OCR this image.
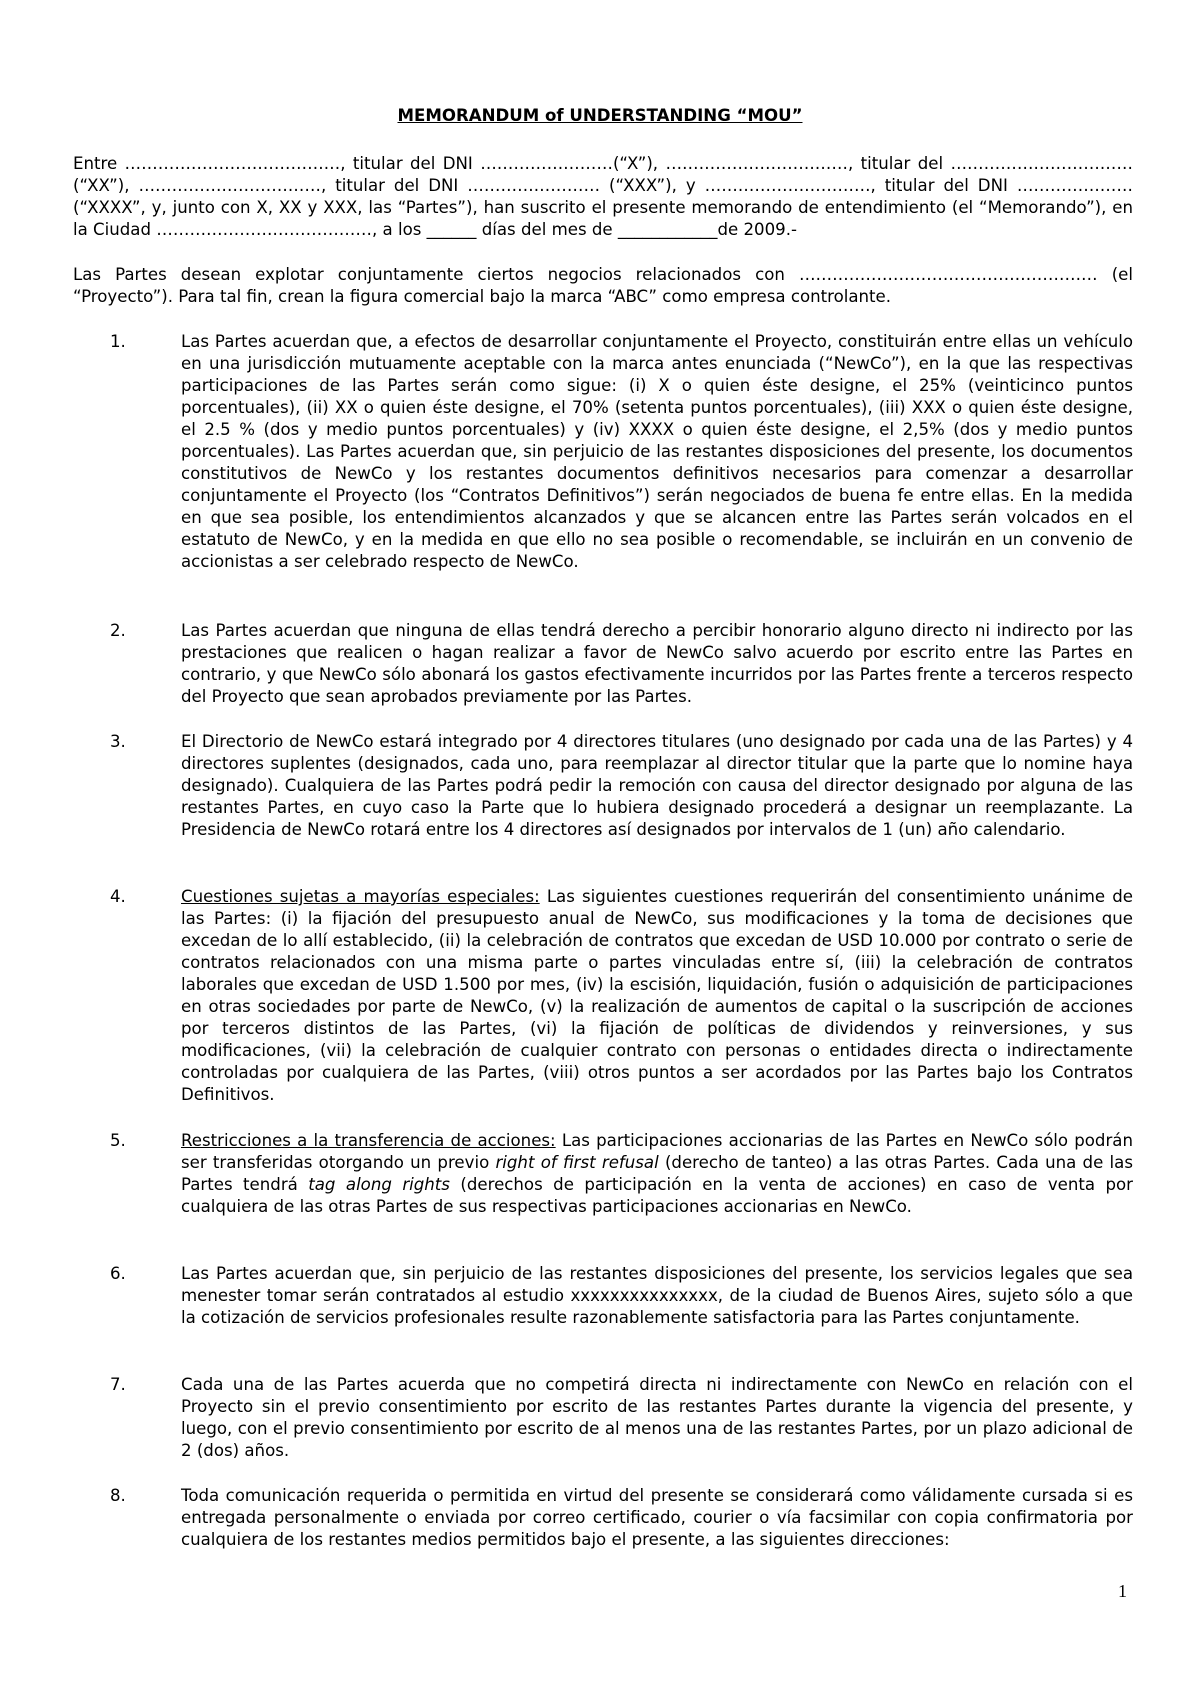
MEMORANDUM of UNDERSTANDING “MOU”

Entre …………………………………, titular del DNI ……………………(“X”), ……………………………, titular del …………………………… (“XX”), ……………………………, titular del DNI …………………… (“XXX”), y …………………………, titular del DNI ………………… (“XXXX”, y, junto con X, XX y XXX, las “Partes”), han suscrito el presente memorando de entendimiento (el “Memorando”), en la Ciudad …………………………………, a los ______ días del mes de ____________de 2009.-

Las Partes desean explotar conjuntamente ciertos negocios relacionados con ……………………………………………… (el “Proyecto”). Para tal fin, crean la figura comercial bajo la marca “ABC” como empresa controlante.

1.	Las Partes acuerdan que, a efectos de desarrollar conjuntamente el Proyecto, constituirán entre ellas un vehículo en una jurisdicción mutuamente aceptable con la marca antes enunciada (“NewCo”), en la que las respectivas participaciones de las Partes serán como sigue: (i) X o quien éste designe, el 25% (veinticinco puntos porcentuales), (ii) XX o quien éste designe, el 70% (setenta puntos porcentuales), (iii) XXX o quien éste designe, el 2.5 % (dos y medio puntos porcentuales) y (iv) XXXX o quien éste designe, el 2,5% (dos y medio puntos porcentuales). Las Partes acuerdan que, sin perjuicio de las restantes disposiciones del presente, los documentos constitutivos de NewCo y los restantes documentos definitivos necesarios para comenzar a desarrollar conjuntamente el Proyecto (los “Contratos Definitivos”) serán negociados de buena fe entre ellas. En la medida en que sea posible, los entendimientos alcanzados y que se alcancen entre las Partes serán volcados en el estatuto de NewCo, y en la medida en que ello no sea posible o recomendable, se incluirán en un convenio de accionistas a ser celebrado respecto de NewCo.

2.	Las Partes acuerdan que ninguna de ellas tendrá derecho a percibir honorario alguno directo ni indirecto por las prestaciones que realicen o hagan realizar a favor de NewCo salvo acuerdo por escrito entre las Partes en contrario, y que NewCo sólo abonará los gastos efectivamente incurridos por las Partes frente a terceros respecto del Proyecto que sean aprobados previamente por las Partes.

3.	El Directorio de NewCo estará integrado por 4 directores titulares (uno designado por cada una de las Partes) y 4 directores suplentes (designados, cada uno, para reemplazar al director titular que la parte que lo nomine haya designado). Cualquiera de las Partes podrá pedir la remoción con causa del director designado por alguna de las restantes Partes, en cuyo caso la Parte que lo hubiera designado procederá a designar un reemplazante. La Presidencia de NewCo rotará entre los 4 directores así designados por intervalos de 1 (un) año calendario.

4.	Cuestiones sujetas a mayorías especiales: Las siguientes cuestiones requerirán del consentimiento unánime de las Partes: (i) la fijación del presupuesto anual de NewCo, sus modificaciones y la toma de decisiones que excedan de lo allí establecido, (ii) la celebración de contratos que excedan de USD 10.000 por contrato o serie de contratos relacionados con una misma parte o partes vinculadas entre sí, (iii) la celebración de contratos laborales que excedan de USD 1.500 por mes, (iv) la escisión, liquidación, fusión o adquisición de participaciones en otras sociedades por parte de NewCo, (v) la realización de aumentos de capital o la suscripción de acciones por terceros distintos de las Partes, (vi) la fijación de políticas de dividendos y reinversiones, y sus modificaciones, (vii) la celebración de cualquier contrato con personas o entidades directa o indirectamente controladas por cualquiera de las Partes, (viii) otros puntos a ser acordados por las Partes bajo los Contratos Definitivos.

5.	Restricciones a la transferencia de acciones: Las participaciones accionarias de las Partes en NewCo sólo podrán ser transferidas otorgando un previo right of first refusal (derecho de tanteo) a las otras Partes. Cada una de las Partes tendrá tag along rights (derechos de participación en la venta de acciones) en caso de venta por cualquiera de las otras Partes de sus respectivas participaciones accionarias en NewCo.

6.	Las Partes acuerdan que, sin perjuicio de las restantes disposiciones del presente, los servicios legales que sea menester tomar serán contratados al estudio xxxxxxxxxxxxxxx, de la ciudad de Buenos Aires, sujeto sólo a que la cotización de servicios profesionales resulte razonablemente satisfactoria para las Partes conjuntamente.

7.	Cada una de las Partes acuerda que no competirá directa ni indirectamente con NewCo en relación con el Proyecto sin el previo consentimiento por escrito de las restantes Partes durante la vigencia del presente, y luego, con el previo consentimiento por escrito de al menos una de las restantes Partes, por un plazo adicional de 2 (dos) años.

8.	Toda comunicación requerida o permitida en virtud del presente se considerará como válidamente cursada si es entregada personalmente o enviada por correo certificado, courier o vía facsimilar con copia confirmatoria por cualquiera de los restantes medios permitidos bajo el presente, a las siguientes direcciones:

1
